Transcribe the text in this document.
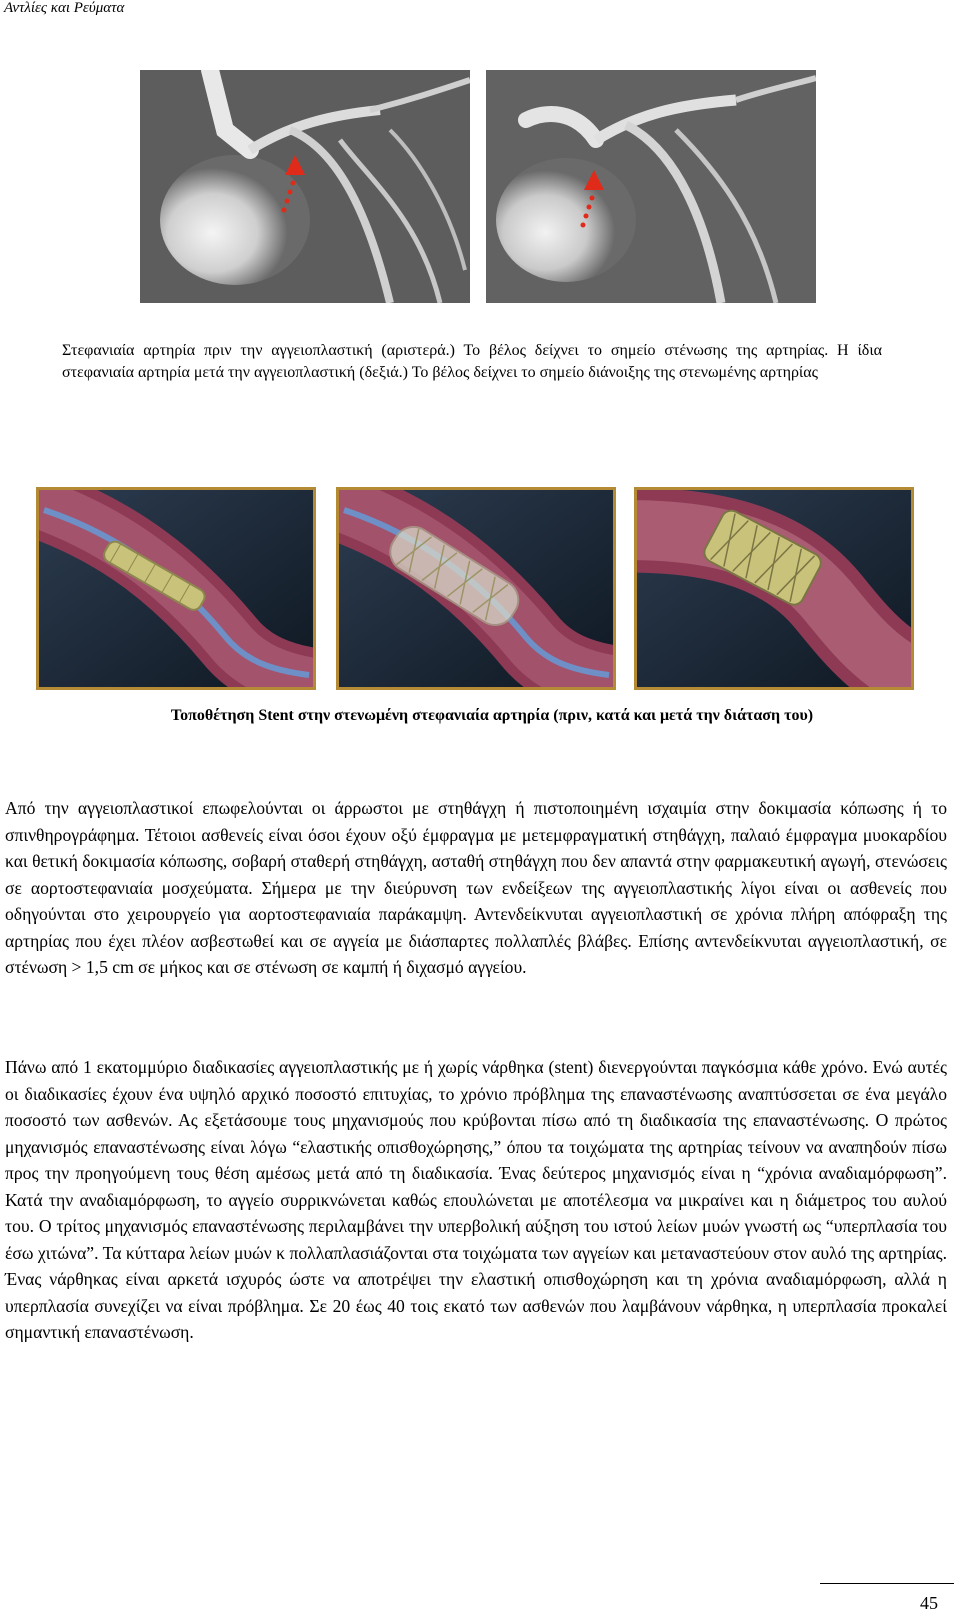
Αντλίες και Ρεύματα
Στεφανιαία αρτηρία πριν την αγγειοπλαστική (αριστερά.) Το βέλος δείχνει το σημείο στένωσης της αρτηρίας. Η ίδια στεφανιαία αρτηρία μετά την αγγειοπλαστική (δεξιά.) Το βέλος δείχνει το σημείο διάνοιξης της στενωμένης αρτηρίας
Τοποθέτηση Stent στην στενωμένη στεφανιαία αρτηρία (πριν, κατά και μετά την διάταση του)
Από την αγγειοπλαστικοί επωφελούνται οι άρρωστοι με στηθάγχη ή πιστοποιημένη ισχαιμία στην δοκιμασία κόπωσης ή το σπινθηρογράφημα. Τέτοιοι ασθενείς είναι όσοι έχουν οξύ έμφραγμα με μετεμφραγματική στηθάγχη, παλαιό έμφραγμα μυοκαρδίου και θετική δοκιμασία κόπωσης, σοβαρή σταθερή στηθάγχη, ασταθή στηθάγχη που δεν απαντά στην φαρμακευτική αγωγή, στενώσεις σε αορτοστεφανιαία μοσχεύματα. Σήμερα με την διεύρυνση των ενδείξεων της αγγειοπλαστικής λίγοι είναι οι ασθενείς που οδηγούνται στο χειρουργείο για αορτοστεφανιαία παράκαμψη. Αντενδείκνυται αγγειοπλαστική σε χρόνια πλήρη απόφραξη της αρτηρίας που έχει πλέον ασβεστωθεί και σε αγγεία με διάσπαρτες πολλαπλές βλάβες. Επίσης αντενδείκνυται αγγειοπλαστική, σε στένωση > 1,5 cm σε μήκος και σε στένωση σε καμπή ή διχασμό αγγείου.
Πάνω από 1 εκατομμύριο διαδικασίες αγγειοπλαστικής με ή χωρίς νάρθηκα (stent) διενεργούνται παγκόσμια κάθε χρόνο. Ενώ αυτές οι διαδικασίες έχουν ένα υψηλό αρχικό ποσοστό επιτυχίας, το χρόνιο πρόβλημα της επαναστένωσης αναπτύσσεται σε ένα μεγάλο ποσοστό των ασθενών. Ας εξετάσουμε τους μηχανισμούς που κρύβονται πίσω από τη διαδικασία της επαναστένωσης. Ο πρώτος μηχανισμός επαναστένωσης είναι λόγω “ελαστικής οπισθοχώρησης,” όπου τα τοιχώματα της αρτηρίας τείνουν να αναπηδούν πίσω προς την προηγούμενη τους θέση αμέσως μετά από τη διαδικασία. Ένας δεύτερος μηχανισμός είναι η “χρόνια αναδιαμόρφωση”. Κατά την αναδιαμόρφωση, το αγγείο συρρικνώνεται καθώς επουλώνεται με αποτέλεσμα να μικραίνει και η διάμετρος του αυλού του. Ο τρίτος μηχανισμός επαναστένωσης περιλαμβάνει την υπερβολική αύξηση του ιστού λείων μυών γνωστή ως “υπερπλασία του έσω χιτώνα”. Τα κύτταρα λείων μυών κ πολλαπλασιάζονται στα τοιχώματα των αγγείων και μεταναστεύουν στον αυλό της αρτηρίας. Ένας νάρθηκας είναι αρκετά ισχυρός ώστε να αποτρέψει την ελαστική οπισθοχώρηση και τη χρόνια αναδιαμόρφωση, αλλά η υπερπλασία συνεχίζει να είναι πρόβλημα. Σε 20 έως 40 τοις εκατό των ασθενών που λαμβάνουν νάρθηκα, η υπερπλασία προκαλεί σημαντική επαναστένωση.
45
